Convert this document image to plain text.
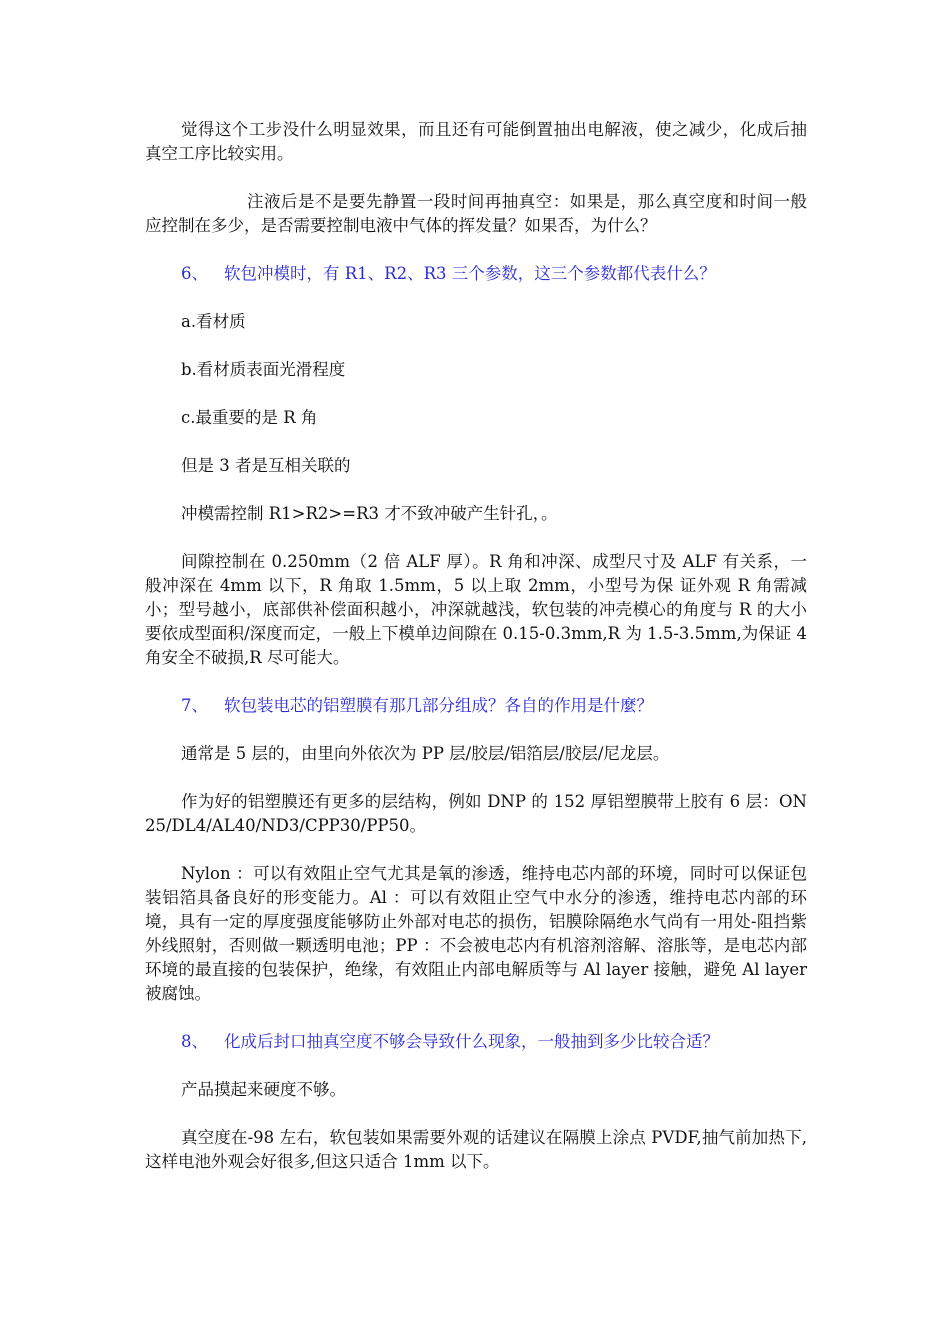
觉得这个工步没什么明显效果，而且还有可能倒置抽出电解液，使之减少，化成后抽真空工序比较实用。

注液后是不是要先静置一段时间再抽真空：如果是，那么真空度和时间一般应控制在多少，是否需要控制电液中气体的挥发量？如果否，为什么？

6、 软包冲模时，有 R1、R2、R3 三个参数，这三个参数都代表什么？
a.看材质
b.看材质表面光滑程度
c.最重要的是 R 角
但是 3 者是互相关联的
冲模需控制 R1>R2>=R3 才不致冲破产生针孔，。

间隙控制在 0.250mm（2 倍 ALF 厚）。R 角和冲深、成型尺寸及 ALF 有关系，一般冲深在 4mm 以下，R 角取 1.5mm，5 以上取 2mm，小型号为保 证外观 R 角需减小；型号越小，底部供补偿面积越小，冲深就越浅，软包装的冲壳模心的角度与 R 的大小要依成型面积/深度而定，一般上下模单边间隙在 0.15-0.3mm,R 为 1.5-3.5mm,为保证 4 角安全不破损,R 尽可能大。

7、 软包装电芯的铝塑膜有那几部分组成？各自的作用是什麼？

通常是 5 层的，由里向外依次为 PP 层/胶层/铝箔层/胶层/尼龙层。

作为好的铝塑膜还有更多的层结构，例如 DNP 的 152 厚铝塑膜带上胶有 6 层：ON25/DL4/AL40/ND3/CPP30/PP50。

Nylon ：可以有效阻止空气尤其是氧的渗透，维持电芯内部的环境，同时可以保证包装铝箔具备良好的形变能力。Al ：可以有效阻止空气中水分的渗透，维持电芯内部的环境，具有一定的厚度强度能够防止外部对电芯的损伤，铝膜除隔绝水气尚有一用处-阻挡紫外线照射，否则做一颗透明电池；PP ：不会被电芯内有机溶剂溶解、溶胀等，是电芯内部环境的最直接的包装保护，绝缘，有效阻止内部电解质等与 Al layer 接触，避免 Al layer 被腐蚀。

8、 化成后封口抽真空度不够会导致什么现象，一般抽到多少比较合适？

产品摸起来硬度不够。

真空度在-98 左右，软包装如果需要外观的话建议在隔膜上涂点 PVDF,抽气前加热下,这样电池外观会好很多,但这只适合 1mm 以下。
